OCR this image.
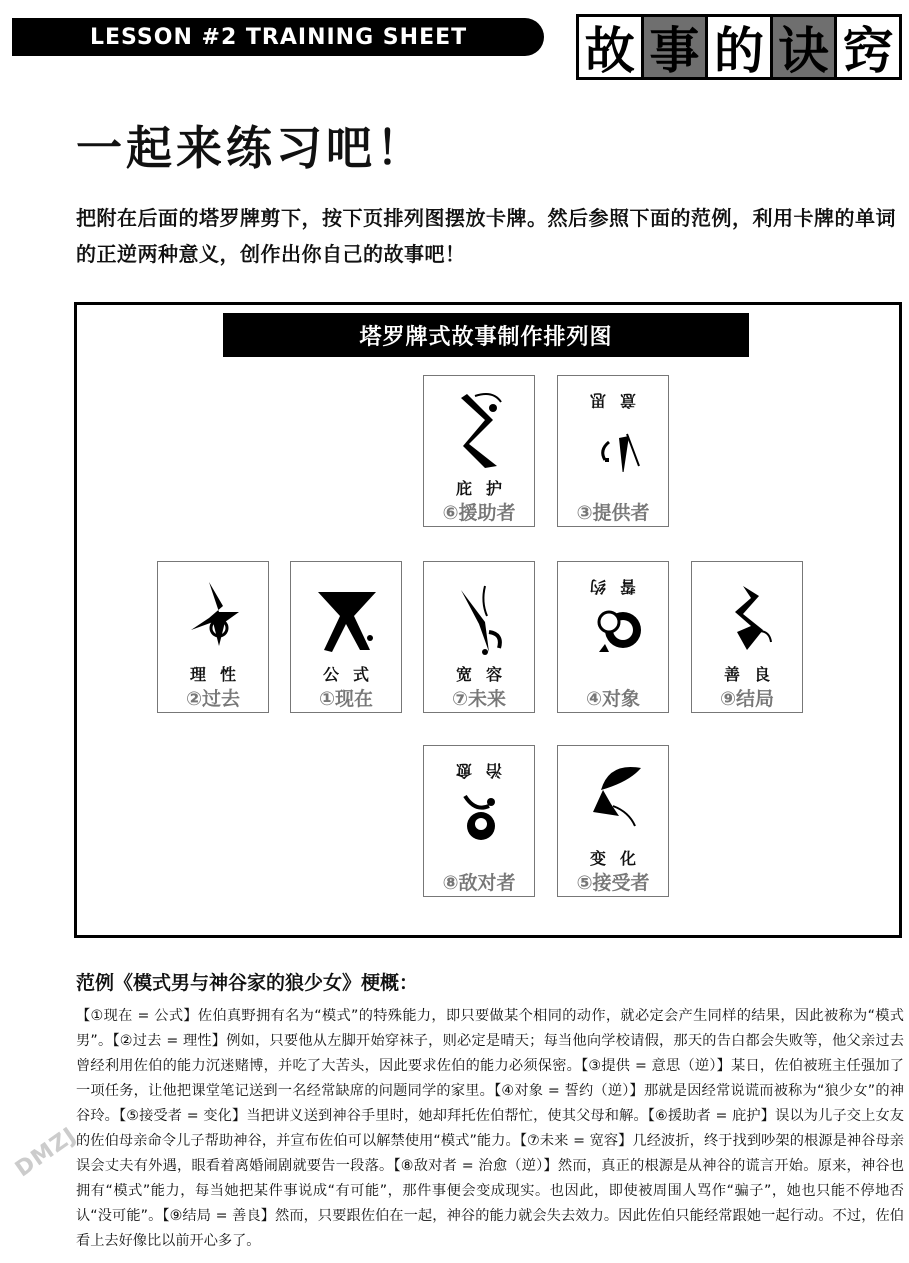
LESSON #2 TRAINING SHEET 故 事 的 诀 窍
一起来练习吧！

把附在后面的塔罗牌剪下，按下页排列图摆放卡牌。然后参照下面的范例，利用卡牌的单词的正逆两种意义，创作出你自己的故事吧！

塔罗牌式故事制作排列图
庇护
⑥援助者
意思
③提供者
理性
②过去
公式
①现在
宽容
⑦未来
誓约
④对象
善良
⑨结局
治愈
⑧敌对者
变化
⑤接受者
范例《模式男与神谷家的狼少女》梗概：

【①现在 = 公式】佐伯真野拥有名为“模式”的特殊能力，即只要做某个相同的动作，就必定会产生同样的结果，因此被称为“模式男”。【②过去 = 理性】例如，只要他从左脚开始穿袜子，则必定是晴天；每当他向学校请假，那天的告白都会失败等，他父亲过去曾经利用佐伯的能力沉迷赌博，并吃了大苦头，因此要求佐伯的能力必须保密。【③提供 = 意思（逆）】某日，佐伯被班主任强加了一项任务，让他把课堂笔记送到一名经常缺席的问题同学的家里。【④对象 = 誓约（逆）】那就是因经常说谎而被称为“狼少女”的神谷玲。【⑤接受者 = 变化】当把讲义送到神谷手里时，她却拜托佐伯帮忙，使其父母和解。【⑥援助者 = 庇护】误以为儿子交上女友的佐伯母亲命令儿子帮助神谷，并宣布佐伯可以解禁使用“模式”能力。【⑦未来 = 宽容】几经波折，终于找到吵架的根源是神谷母亲误会丈夫有外遇，眼看着离婚闹剧就要告一段落。【⑧敌对者 = 治愈（逆）】然而，真正的根源是从神谷的谎言开始。原来，神谷也拥有“模式”能力，每当她把某件事说成“有可能”，那件事便会变成现实。也因此，即使被周围人骂作“骗子”，她也只能不停地否认“没可能”。【⑨结局 = 善良】然而，只要跟佐伯在一起，神谷的能力就会失去效力。因此佐伯只能经常跟她一起行动。不过，佐伯看上去好像比以前开心多了。

DMZJ
